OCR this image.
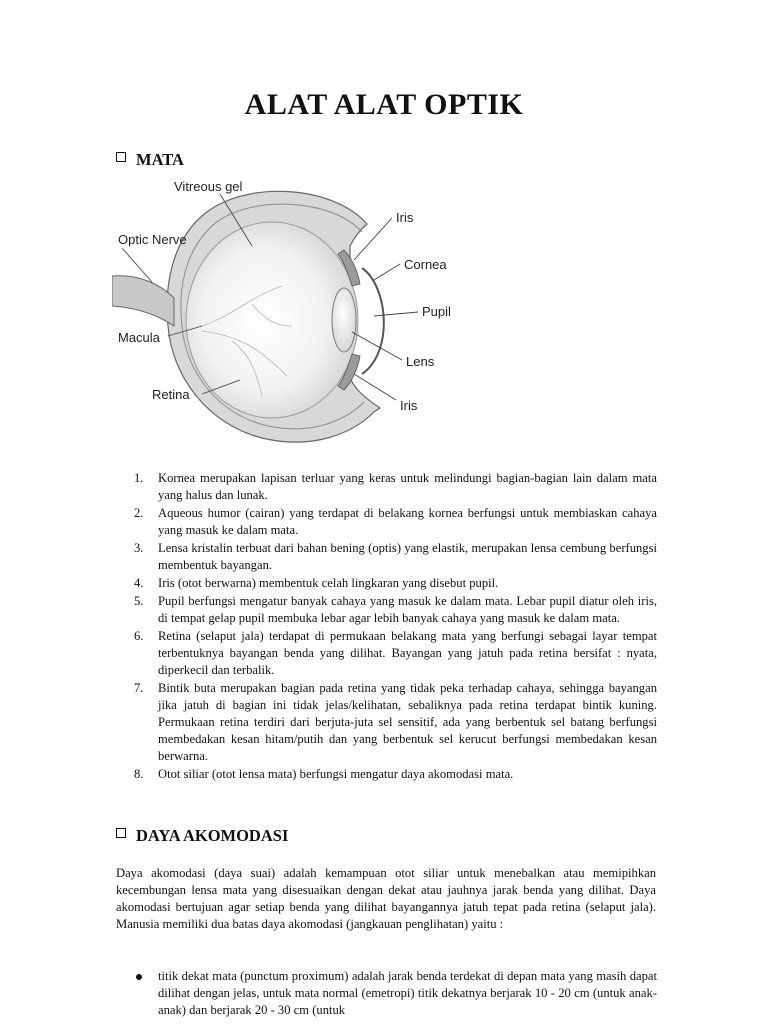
ALAT ALAT OPTIK
MATA
Vitreous gel
Optic Nerve
Macula
Retina
Iris
Cornea
Pupil
Lens
Iris
1. Kornea merupakan lapisan terluar yang keras untuk melindungi bagian-bagian lain dalam mata yang halus dan lunak.
2. Aqueous humor (cairan) yang terdapat di belakang kornea berfungsi untuk membiaskan cahaya yang masuk ke dalam mata.
3. Lensa kristalin terbuat dari bahan bening (optis) yang elastik, merupakan lensa cembung berfungsi membentuk bayangan.
4. Iris (otot berwarna) membentuk celah lingkaran yang disebut pupil.
5. Pupil berfungsi mengatur banyak cahaya yang masuk ke dalam mata. Lebar pupil diatur oleh iris, di tempat gelap pupil membuka lebar agar lebih banyak cahaya yang masuk ke dalam mata.
6. Retina (selaput jala) terdapat di permukaan belakang mata yang berfungi sebagai layar tempat terbentuknya bayangan benda yang dilihat. Bayangan yang jatuh pada retina bersifat : nyata, diperkecil dan terbalik.
7. Bintik buta merupakan bagian pada retina yang tidak peka terhadap cahaya, sehingga bayangan jika jatuh di bagian ini tidak jelas/kelihatan, sebaliknya pada retina terdapat bintik kuning. Permukaan retina terdiri dari berjuta-juta sel sensitif, ada yang berbentuk sel batang berfungsi membedakan kesan hitam/putih dan yang berbentuk sel kerucut berfungsi membedakan kesan berwarna.
8. Otot siliar (otot lensa mata) berfungsi mengatur daya akomodasi mata.
DAYA AKOMODASI

Daya akomodasi (daya suai) adalah kemampuan otot siliar untuk menebalkan atau memipihkan kecembungan lensa mata yang disesuaikan dengan dekat atau jauhnya jarak benda yang dilihat. Daya akomodasi bertujuan agar setiap benda yang dilihat bayangannya jatuh tepat pada retina (selaput jala). Manusia memiliki dua batas daya akomodasi (jangkauan penglihatan) yaitu :

titik dekat mata (punctum proximum) adalah jarak benda terdekat di depan mata yang masih dapat dilihat dengan jelas, untuk mata normal (emetropi) titik dekatnya berjarak 10 - 20 cm (untuk anak-anak) dan berjarak 20 - 30 cm (untuk
